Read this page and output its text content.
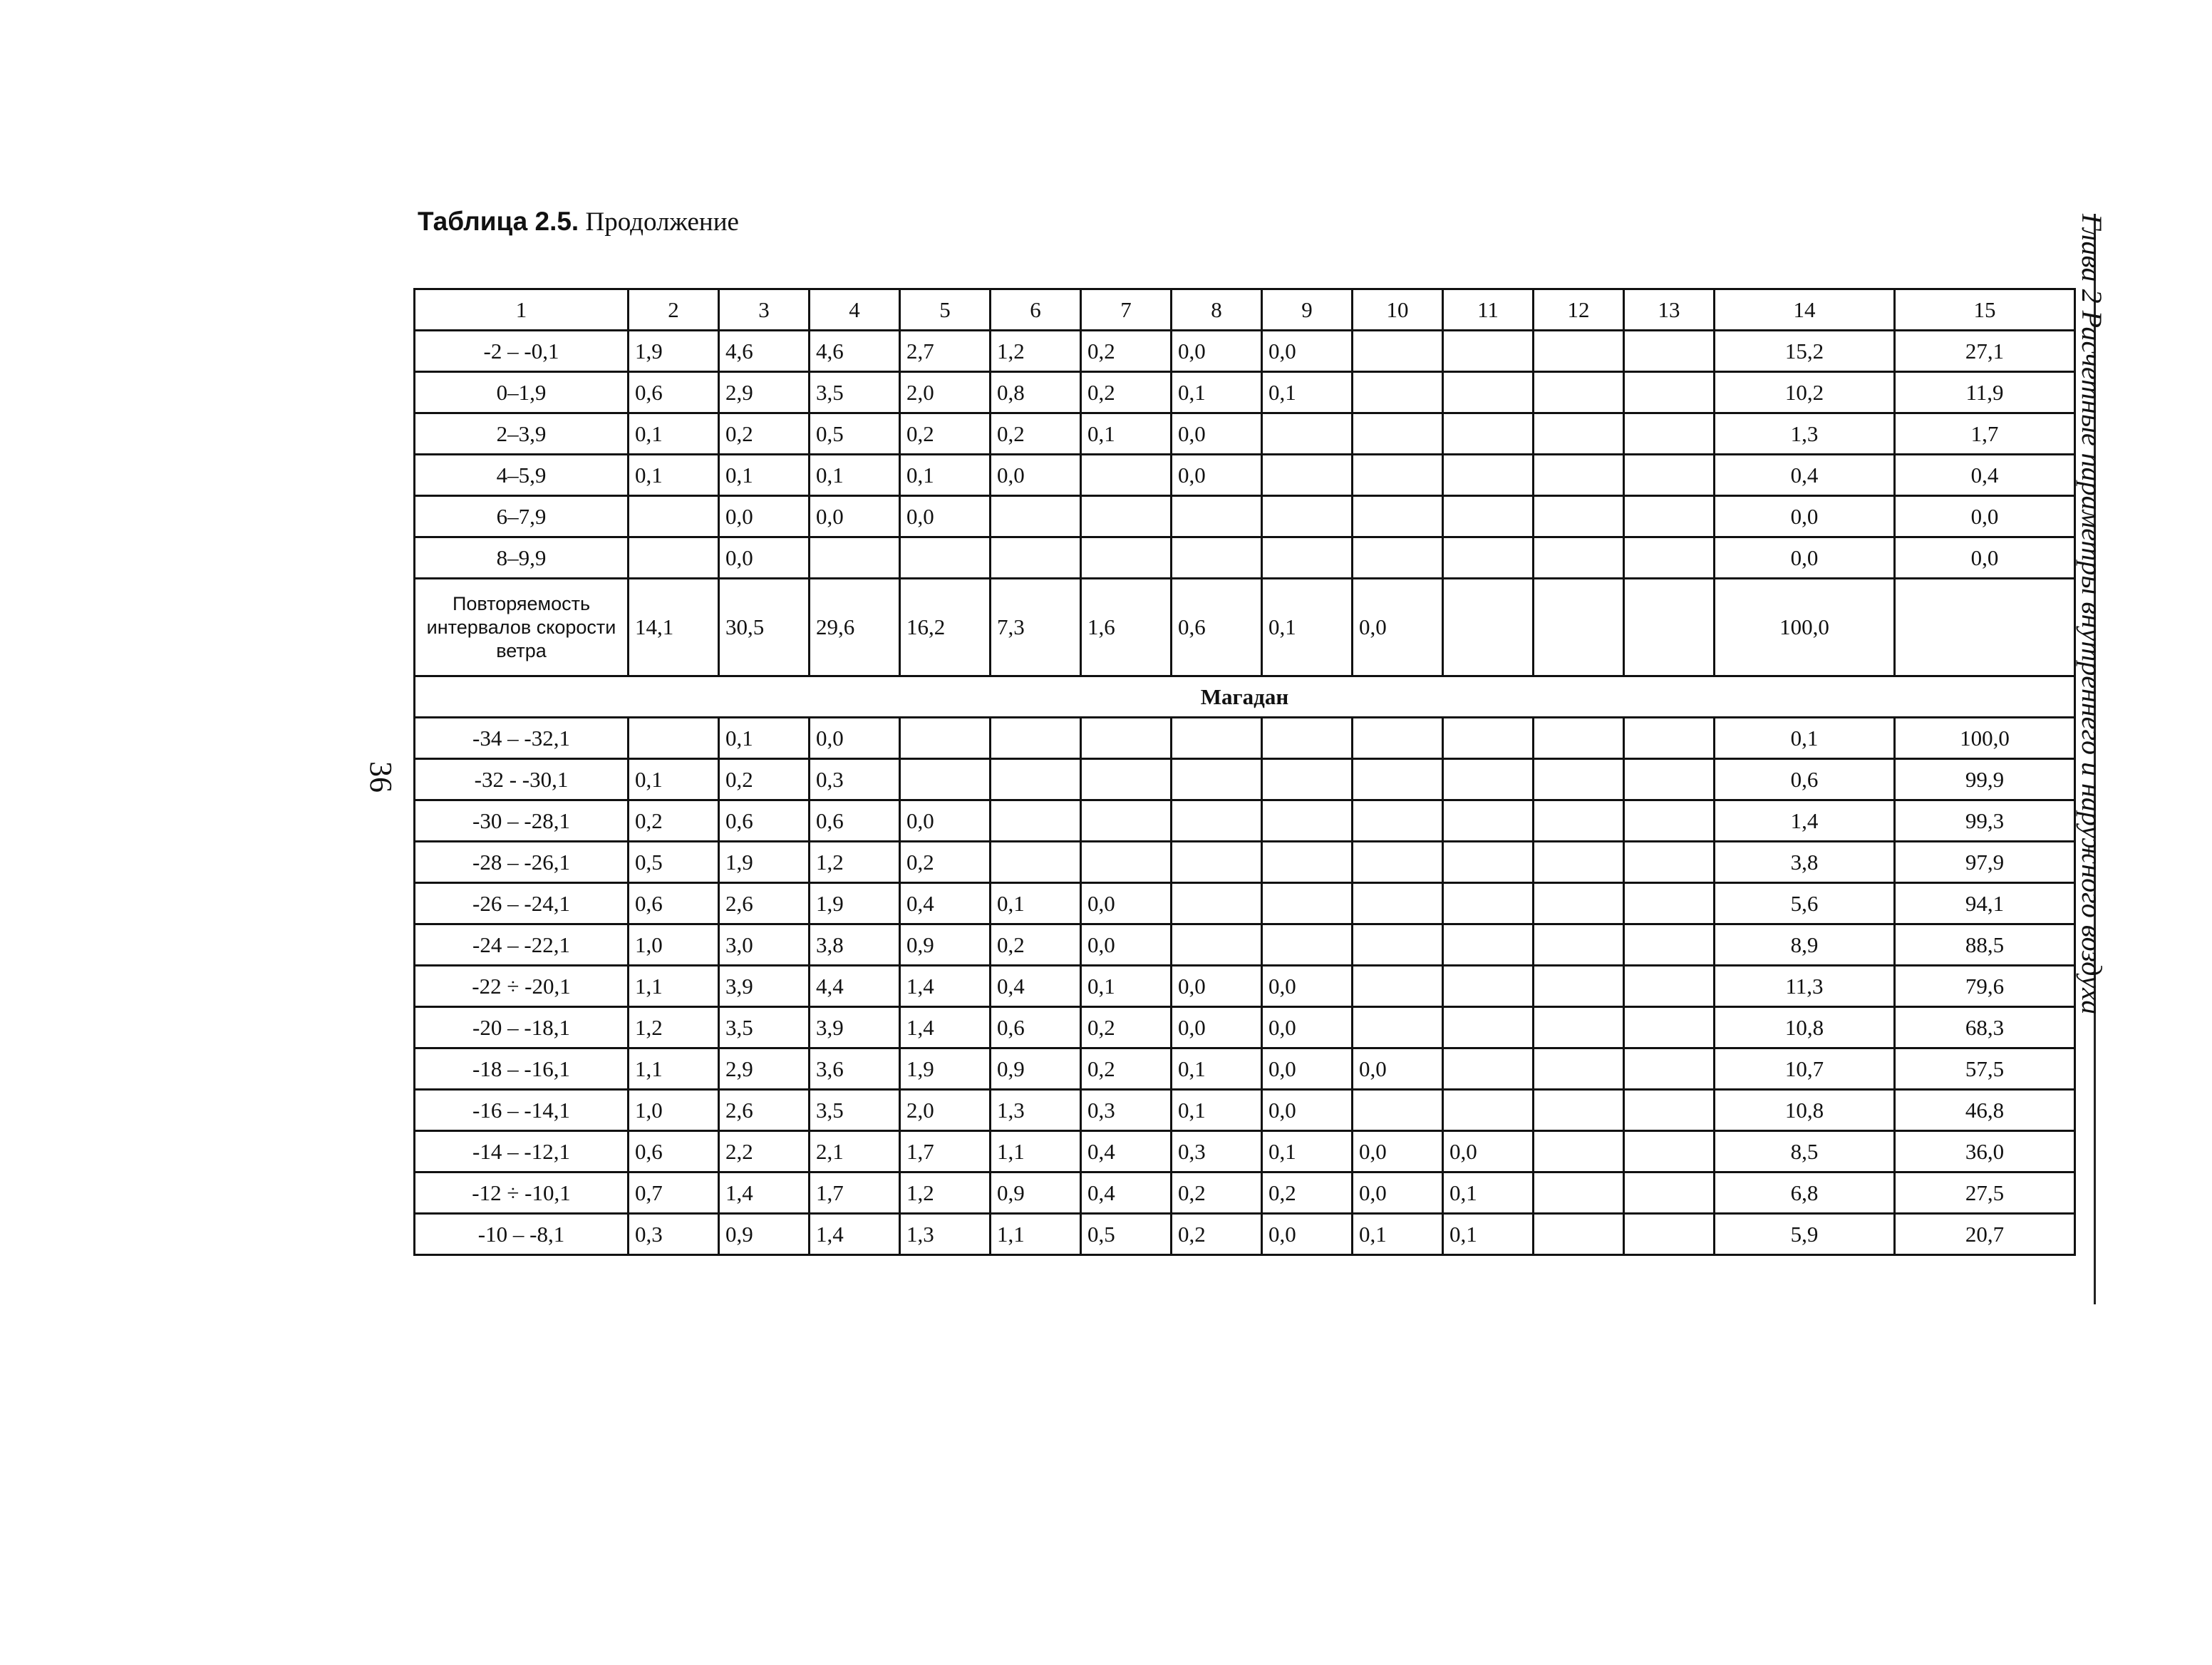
Таблица 2.5. Продолжение
36	Глава 2 Расчетные параметры внутреннего и наружного воздуха
1	2	3	4	5	6	7	8	9	10	11	12	13	14	15
-2 – -0,1	1,9	4,6	4,6	2,7	1,2	0,2	0,0	0,0					15,2	27,1
0–1,9	0,6	2,9	3,5	2,0	0,8	0,2	0,1	0,1					10,2	11,9
2–3,9	0,1	0,2	0,5	0,2	0,2	0,1	0,0						1,3	1,7
4–5,9	0,1	0,1	0,1	0,1	0,0		0,0						0,4	0,4
6–7,9		0,0	0,0	0,0									0,0	0,0
8–9,9		0,0											0,0	0,0
Повторяемость интервалов скорости ветра	14,1	30,5	29,6	16,2	7,3	1,6	0,6	0,1	0,0				100,0	
Магадан														
-34 – -32,1		0,1	0,0										0,1	100,0
-32 - -30,1	0,1	0,2	0,3										0,6	99,9
-30 – -28,1	0,2	0,6	0,6	0,0									1,4	99,3
-28 – -26,1	0,5	1,9	1,2	0,2									3,8	97,9
-26 – -24,1	0,6	2,6	1,9	0,4	0,1	0,0							5,6	94,1
-24 – -22,1	1,0	3,0	3,8	0,9	0,2	0,0							8,9	88,5
-22 ÷ -20,1	1,1	3,9	4,4	1,4	0,4	0,1	0,0	0,0					11,3	79,6
-20 – -18,1	1,2	3,5	3,9	1,4	0,6	0,2	0,0	0,0					10,8	68,3
-18 – -16,1	1,1	2,9	3,6	1,9	0,9	0,2	0,1	0,0	0,0				10,7	57,5
-16 – -14,1	1,0	2,6	3,5	2,0	1,3	0,3	0,1	0,0					10,8	46,8
-14 – -12,1	0,6	2,2	2,1	1,7	1,1	0,4	0,3	0,1	0,0	0,0			8,5	36,0
-12 ÷ -10,1	0,7	1,4	1,7	1,2	0,9	0,4	0,2	0,2	0,0	0,1			6,8	27,5
-10 – -8,1	0,3	0,9	1,4	1,3	1,1	0,5	0,2	0,0	0,1	0,1			5,9	20,7
